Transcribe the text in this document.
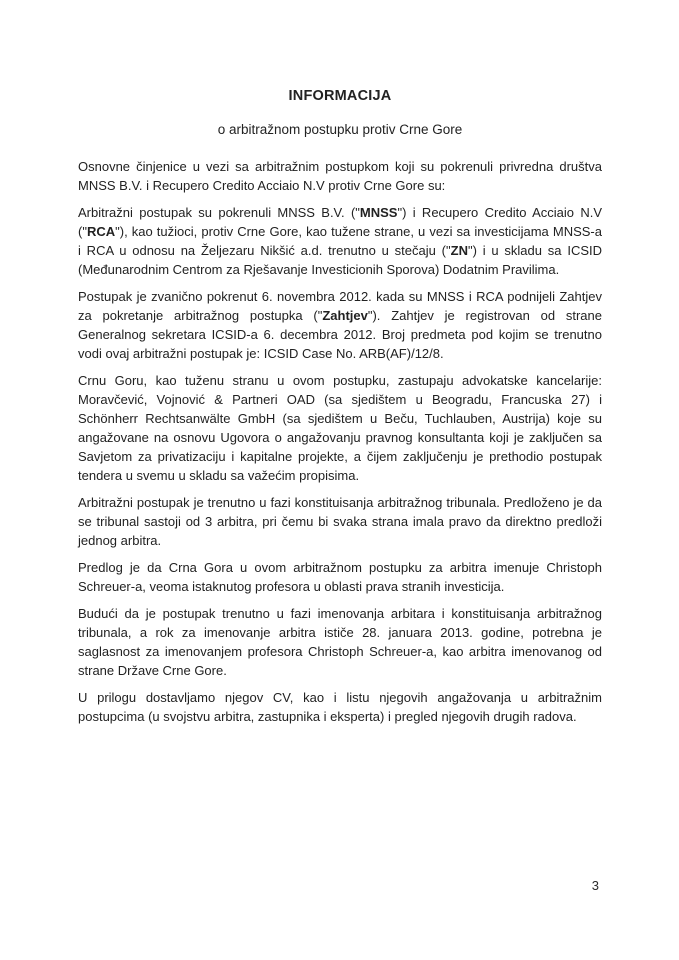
INFORMACIJA
o arbitražnom postupku protiv Crne Gore

Osnovne činjenice u vezi sa arbitražnim postupkom koji su pokrenuli privredna društva MNSS B.V. i Recupero Credito Acciaio N.V protiv Crne Gore su:

Arbitražni postupak su pokrenuli MNSS B.V. ("MNSS") i Recupero Credito Acciaio N.V ("RCA"), kao tužioci, protiv Crne Gore, kao tužene strane, u vezi sa investicijama MNSS-a i RCA u odnosu na Željezaru Nikšić a.d. trenutno u stečaju ("ZN") i u skladu sa ICSID (Međunarodnim Centrom za Rješavanje Investicionih Sporova) Dodatnim Pravilima.

Postupak je zvanično pokrenut 6. novembra 2012. kada su MNSS i RCA podnijeli Zahtjev za pokretanje arbitražnog postupka ("Zahtjev"). Zahtjev je registrovan od strane Generalnog sekretara ICSID-a 6. decembra 2012. Broj predmeta pod kojim se trenutno vodi ovaj arbitražni postupak je: ICSID Case No. ARB(AF)/12/8.

Crnu Goru, kao tuženu stranu u ovom postupku, zastupaju advokatske kancelarije: Moravčević, Vojnović & Partneri OAD (sa sjedištem u Beogradu, Francuska 27) i Schönherr Rechtsanwälte GmbH (sa sjedištem u Beču, Tuchlauben, Austrija) koje su angažovane na osnovu Ugovora o angažovanju pravnog konsultanta koji je zaključen sa Savjetom za privatizaciju i kapitalne projekte, a čijem zaključenju je prethodio postupak tendera u svemu u skladu sa važećim propisima.

Arbitražni postupak je trenutno u fazi konstituisanja arbitražnog tribunala. Predloženo je da se tribunal sastoji od 3 arbitra, pri čemu bi svaka strana imala pravo da direktno predloži jednog arbitra.

Predlog je da Crna Gora u ovom arbitražnom postupku za arbitra imenuje Christoph Schreuer-a, veoma istaknutog profesora u oblasti prava stranih investicija.

Budući da je postupak trenutno u fazi imenovanja arbitara i konstituisanja arbitražnog tribunala, a rok za imenovanje arbitra ističe 28. januara 2013. godine, potrebna je saglasnost za imenovanjem profesora Christoph Schreuer-a, kao arbitra imenovanog od strane Države Crne Gore.

U prilogu dostavljamo njegov CV, kao i listu njegovih angažovanja u arbitražnim postupcima (u svojstvu arbitra, zastupnika i eksperta) i pregled njegovih drugih radova.

3
